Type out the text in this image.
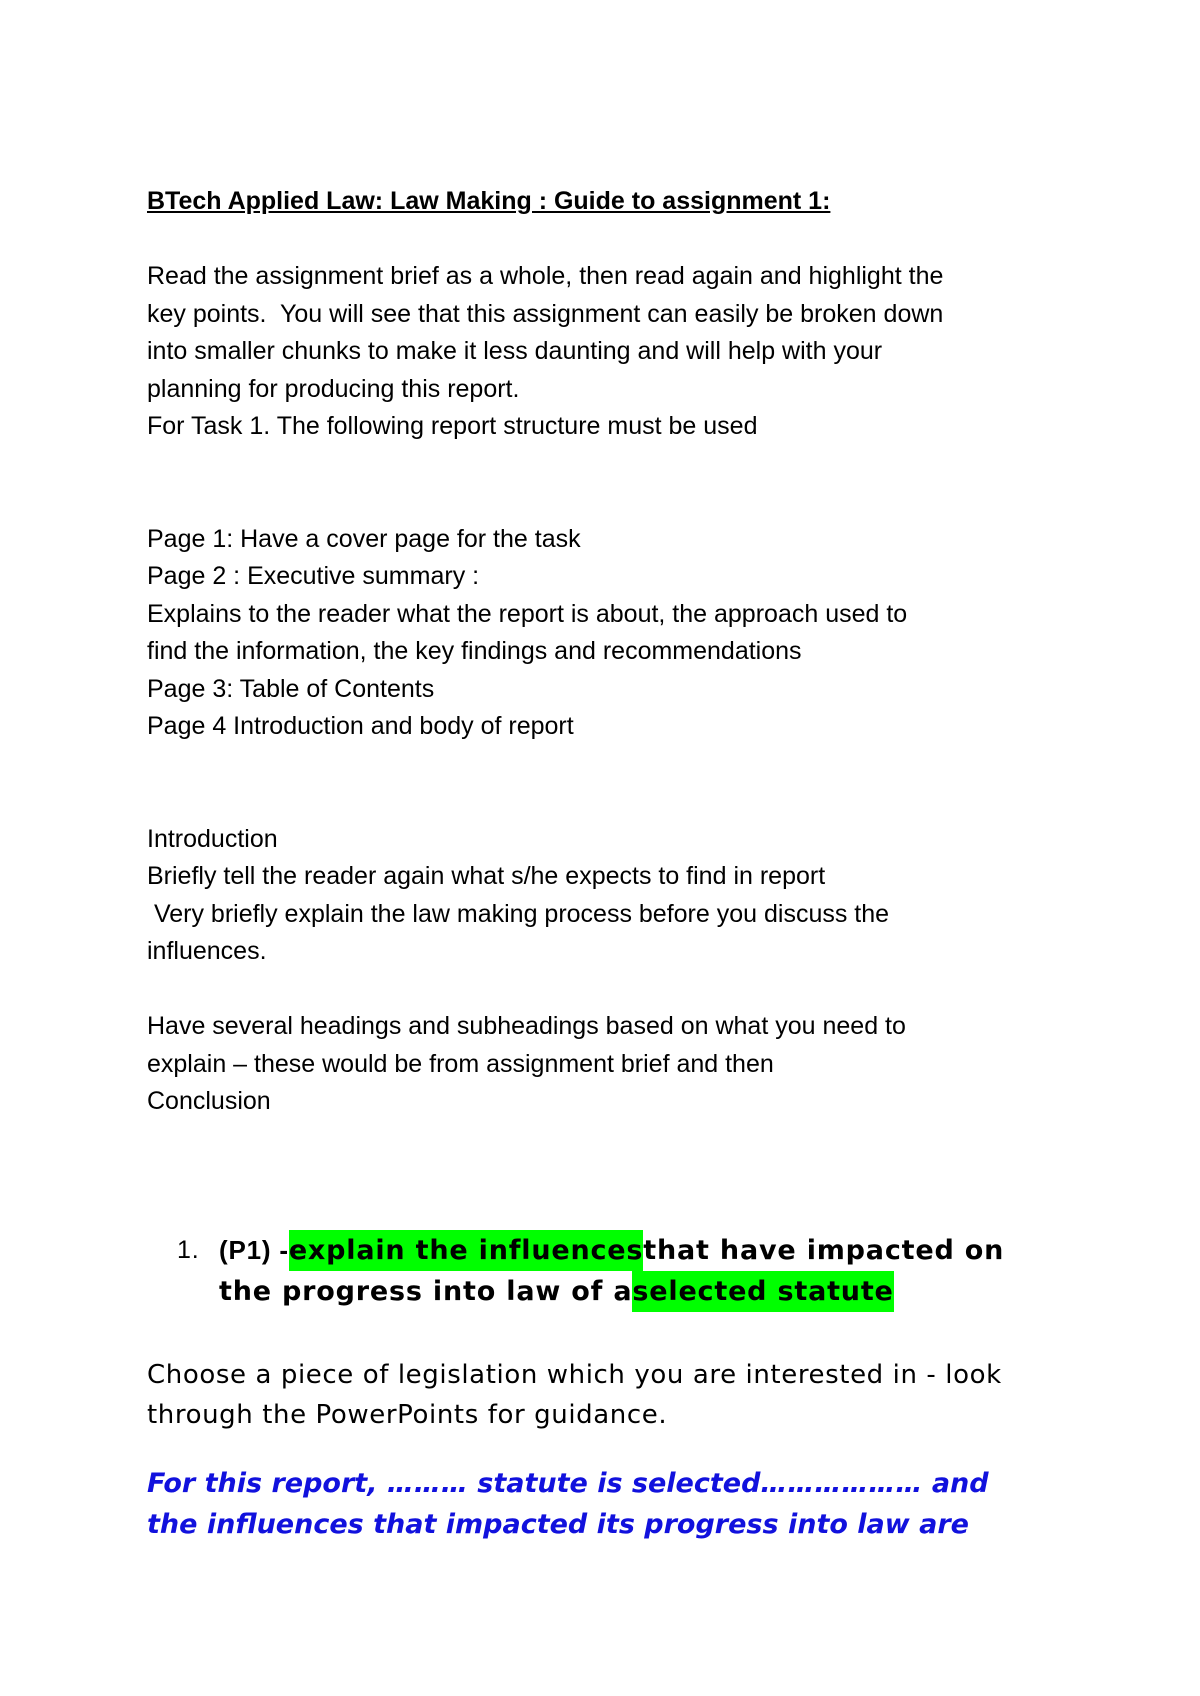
BTech Applied Law: Law Making : Guide to assignment 1:

Read the assignment brief as a whole, then read again and highlight the

key points.  You will see that this assignment can easily be broken down

into smaller chunks to make it less daunting and will help with your

planning for producing this report.

For Task 1. The following report structure must be used

Page 1: Have a cover page for the task

Page 2 : Executive summary :

Explains to the reader what the report is about, the approach used to

find the information, the key findings and recommendations

Page 3: Table of Contents

Page 4 Introduction and body of report

Introduction

Briefly tell the reader again what s/he expects to find in report

Very briefly explain the law making process before you discuss the

influences.

Have several headings and subheadings based on what you need to

explain – these would be from assignment brief and then

Conclusion

1. (P1) - explain the influences that have impacted on
the progress into law of a selected statute

Choose a piece of legislation which you are interested in - look

through the PowerPoints for guidance.

For this report, ……… statute is selected……………… and

the influences that impacted its progress into law are
